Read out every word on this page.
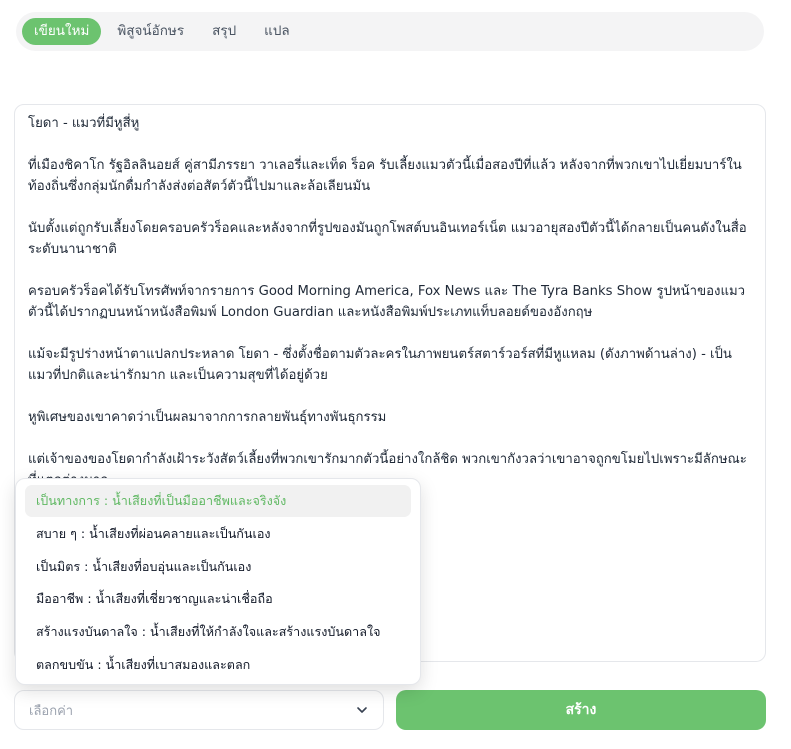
เขียนใหม่	พิสูจน์อักษร	สรุป	แปล
โยดา - แมวที่มีหูสี่หู

ที่เมืองชิคาโก รัฐอิลลินอยส์ คู่สามีภรรยา วาเลอรี่และเท็ด ร็อค รับเลี้ยงแมวตัวนี้เมื่อสองปีที่แล้ว หลังจากที่พวกเขาไปเยี่ยมบาร์ในท้องถิ่นซึ่งกลุ่มนักดื่มกำลังส่งต่อสัตว์ตัวนี้ไปมาและล้อเลียนมัน

นับตั้งแต่ถูกรับเลี้ยงโดยครอบครัวร็อคและหลังจากที่รูปของมันถูกโพสต์บนอินเทอร์เน็ต แมวอายุสองปีตัวนี้ได้กลายเป็นคนดังในสื่อระดับนานาชาติ

ครอบครัวร็อคได้รับโทรศัพท์จากรายการ Good Morning America, Fox News และ The Tyra Banks Show รูปหน้าของแมวตัวนี้ได้ปรากฏบนหน้าหนังสือพิมพ์ London Guardian และหนังสือพิมพ์ประเภทแท็บลอยด์ของอังกฤษ

แม้จะมีรูปร่างหน้าตาแปลกประหลาด โยดา - ซึ่งตั้งชื่อตามตัวละครในภาพยนตร์สตาร์วอร์สที่มีหูแหลม (ดังภาพด้านล่าง) - เป็นแมวที่ปกติและน่ารักมาก และเป็นความสุขที่ได้อยู่ด้วย

หูพิเศษของเขาคาดว่าเป็นผลมาจากการกลายพันธุ์ทางพันธุกรรม

แต่เจ้าของของโยดากำลังเฝ้าระวังสัตว์เลี้ยงที่พวกเขารักมากตัวนี้อย่างใกล้ชิด พวกเขากังวลว่าเขาอาจถูกขโมยไปเพราะมีลักษณะ
เป็นทางการ : น้ำเสียงที่เป็นมืออาชีพและจริงจัง
สบาย ๆ : น้ำเสียงที่ผ่อนคลายและเป็นกันเอง
เป็นมิตร : น้ำเสียงที่อบอุ่นและเป็นกันเอง
มืออาชีพ : น้ำเสียงที่เชี่ยวชาญและน่าเชื่อถือ
สร้างแรงบันดาลใจ : น้ำเสียงที่ให้กำลังใจและสร้างแรงบันดาลใจ
ตลกขบขัน : น้ำเสียงที่เบาสมองและตลก
เลือกค่า	สร้าง
